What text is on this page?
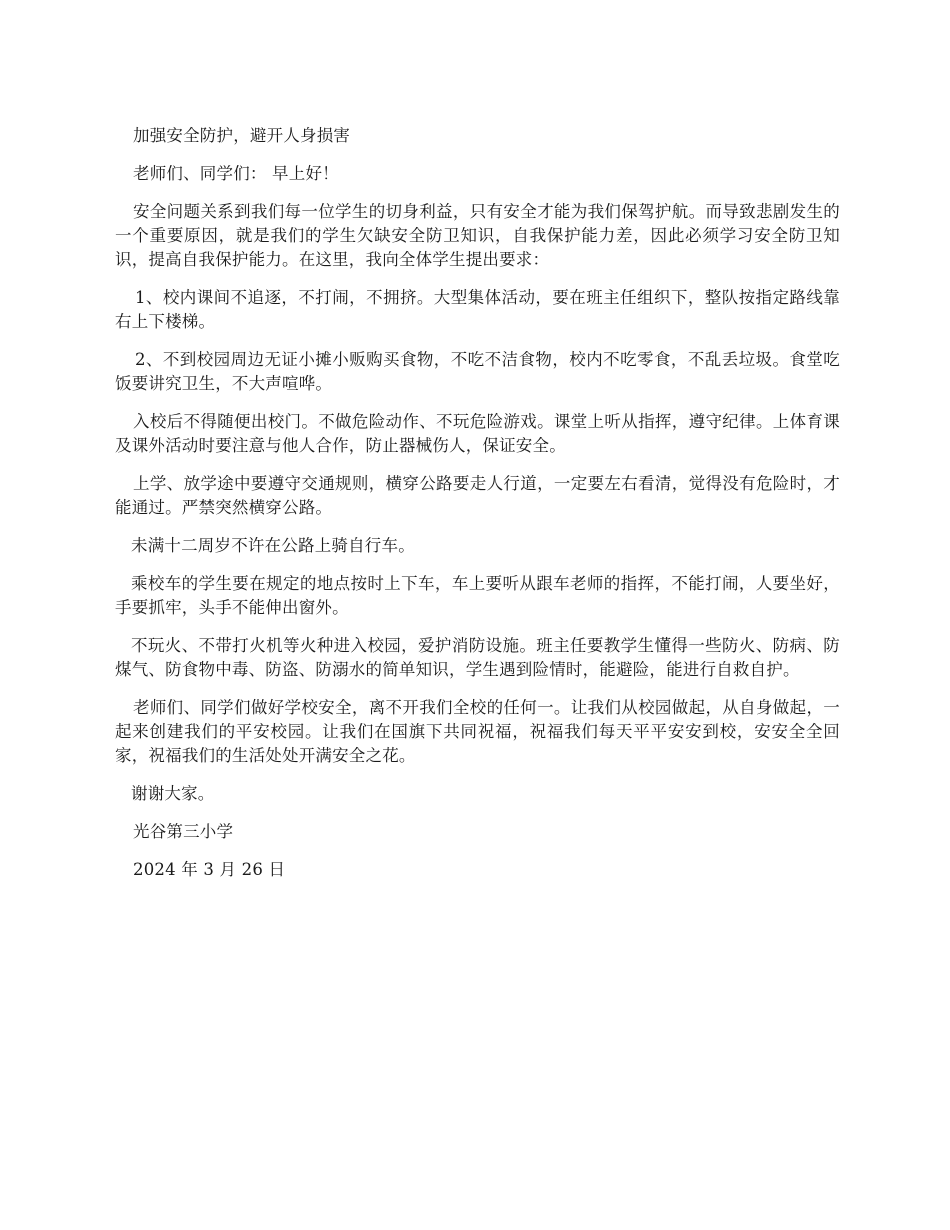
加强安全防护，避开人身损害

老师们、同学们： 早上好！

安全问题关系到我们每一位学生的切身利益，只有安全才能为我们保驾护航。而导致悲剧发生的一个重要原因，就是我们的学生欠缺安全防卫知识，自我保护能力差，因此必须学习安全防卫知识，提高自我保护能力。在这里，我向全体学生提出要求：

1、校内课间不追逐，不打闹，不拥挤。大型集体活动，要在班主任组织下，整队按指定路线靠右上下楼梯。

2、不到校园周边无证小摊小贩购买食物，不吃不洁食物，校内不吃零食，不乱丢垃圾。食堂吃饭要讲究卫生，不大声喧哗。

入校后不得随便出校门。不做危险动作、不玩危险游戏。课堂上听从指挥，遵守纪律。上体育课及课外活动时要注意与他人合作，防止器械伤人，保证安全。

上学、放学途中要遵守交通规则，横穿公路要走人行道，一定要左右看清，觉得没有危险时，才能通过。严禁突然横穿公路。

未满十二周岁不许在公路上骑自行车。

乘校车的学生要在规定的地点按时上下车，车上要听从跟车老师的指挥，不能打闹，人要坐好，手要抓牢，头手不能伸出窗外。

不玩火、不带打火机等火种进入校园，爱护消防设施。班主任要教学生懂得一些防火、防病、防煤气、防食物中毒、防盗、防溺水的简单知识，学生遇到险情时，能避险，能进行自救自护。

老师们、同学们做好学校安全，离不开我们全校的任何一。让我们从校园做起，从自身做起，一起来创建我们的平安校园。让我们在国旗下共同祝福，祝福我们每天平平安安到校，安安全全回家，祝福我们的生活处处开满安全之花。

谢谢大家。

光谷第三小学

2024 年 3 月 26 日
